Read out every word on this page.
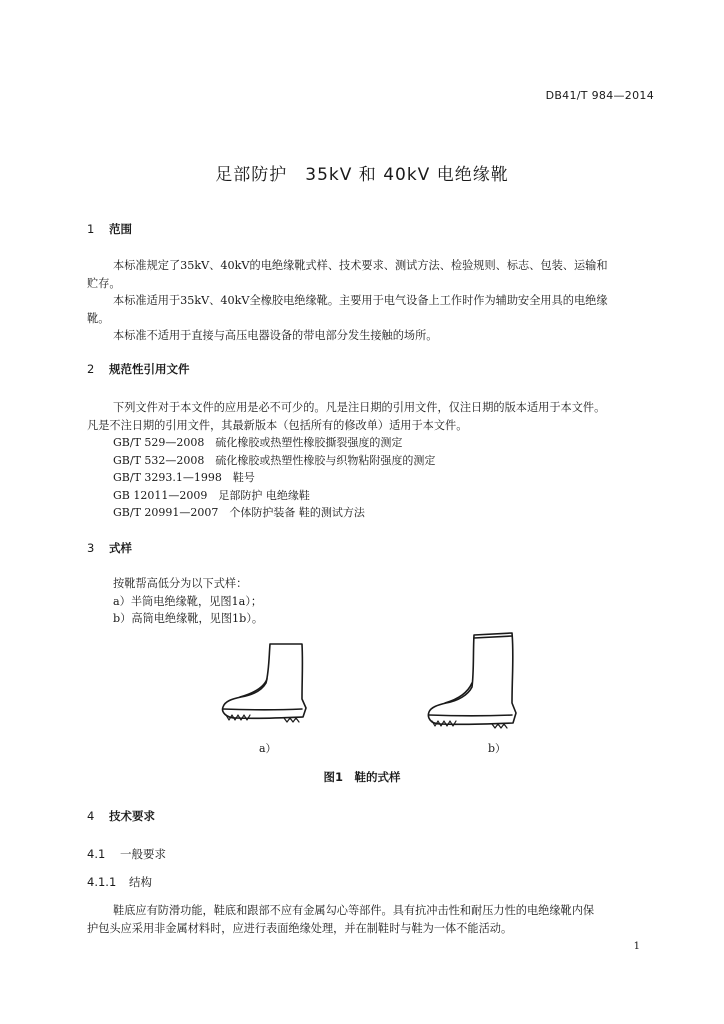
DB41/T 984—2014
足部防护　35kV 和 40kV 电绝缘靴
1 范围
本标准规定了35kV、40kV的电绝缘靴式样、技术要求、测试方法、检验规则、标志、包装、运输和
贮存。
本标准适用于35kV、40kV全橡胶电绝缘靴。主要用于电气设备上工作时作为辅助安全用具的电绝缘
靴。
本标准不适用于直接与高压电器设备的带电部分发生接触的场所。
2 规范性引用文件
下列文件对于本文件的应用是必不可少的。凡是注日期的引用文件，仅注日期的版本适用于本文件。
凡是不注日期的引用文件，其最新版本（包括所有的修改单）适用于本文件。
GB/T 529—2008　硫化橡胶或热塑性橡胶撕裂强度的测定
GB/T 532—2008　硫化橡胶或热塑性橡胶与织物粘附强度的测定
GB/T 3293.1—1998　鞋号
GB 12011—2009　足部防护 电绝缘鞋
GB/T 20991—2007　个体防护装备 鞋的测试方法
3 式样
按靴帮高低分为以下式样：
a）半筒电绝缘靴，见图1a）；
b）高筒电绝缘靴，见图1b）。
a）	b）
图1　鞋的式样
4 技术要求
4.1 一般要求
4.1.1 结构
鞋底应有防滑功能，鞋底和跟部不应有金属勾心等部件。具有抗冲击性和耐压力性的电绝缘靴内保
护包头应采用非金属材料时，应进行表面绝缘处理，并在制鞋时与鞋为一体不能活动。
1
